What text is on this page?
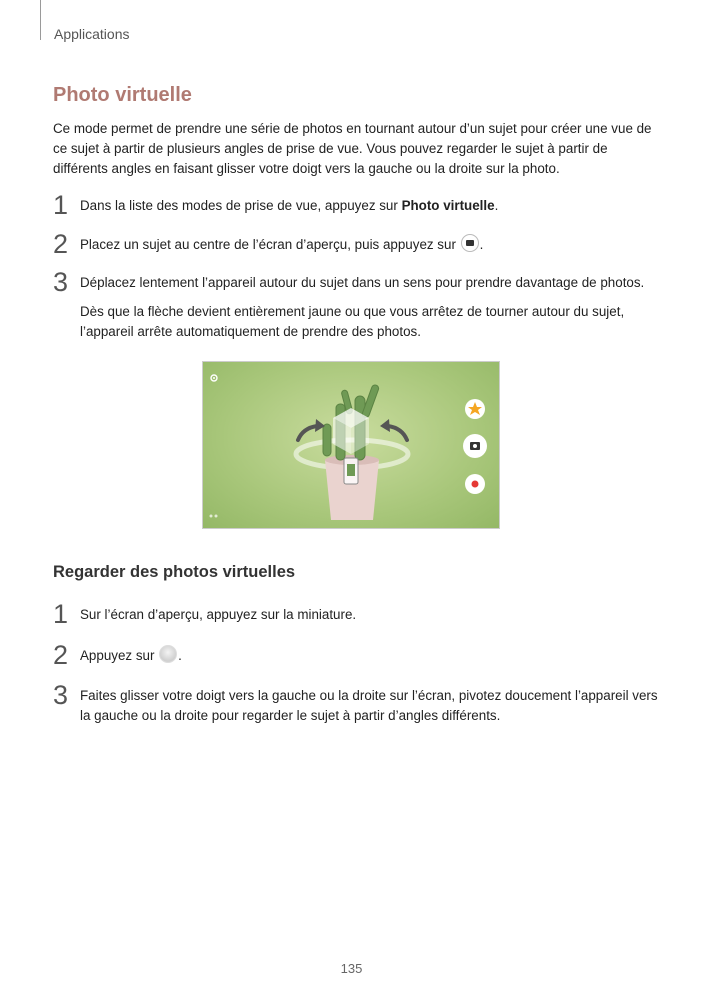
Applications
Photo virtuelle
Ce mode permet de prendre une série de photos en tournant autour d’un sujet pour créer une vue de ce sujet à partir de plusieurs angles de prise de vue. Vous pouvez regarder le sujet à partir de différents angles en faisant glisser votre doigt vers la gauche ou la droite sur la photo.
1 Dans la liste des modes de prise de vue, appuyez sur Photo virtuelle.
2 Placez un sujet au centre de l’écran d’aperçu, puis appuyez sur .
3 Déplacez lentement l’appareil autour du sujet dans un sens pour prendre davantage de photos.
Dès que la flèche devient entièrement jaune ou que vous arrêtez de tourner autour du sujet, l’appareil arrête automatiquement de prendre des photos.
Regarder des photos virtuelles
1 Sur l’écran d’aperçu, appuyez sur la miniature.
2 Appuyez sur .
3 Faites glisser votre doigt vers la gauche ou la droite sur l’écran, pivotez doucement l’appareil vers la gauche ou la droite pour regarder le sujet à partir d’angles différents.
135
